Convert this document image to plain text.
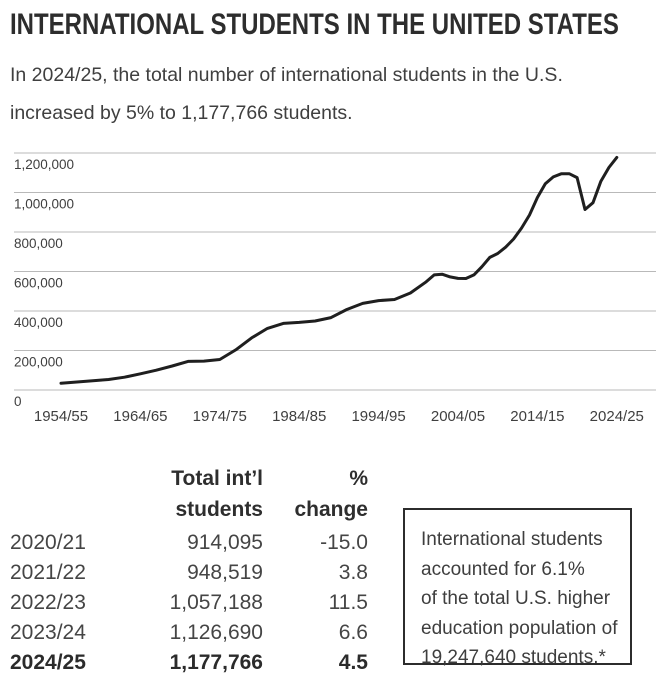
INTERNATIONAL STUDENTS IN THE UNITED STATES
In 2024/25, the total number of international students in the U.S.
increased by 5% to 1,177,766 students.
0
200,000
400,000
600,000
800,000
1,000,000
1,200,000
1954/55 1964/65 1974/75 1984/85 1994/95 2004/05 2014/15 2024/25
Total int’l
students
%
change
2020/21	914,095	-15.0
2021/22	948,519	3.8
2022/23	1,057,188	11.5
2023/24	1,126,690	6.6
2024/25	1,177,766	4.5
International students
accounted for 6.1%
of the total U.S. higher
education population of
19,247,640 students.*
